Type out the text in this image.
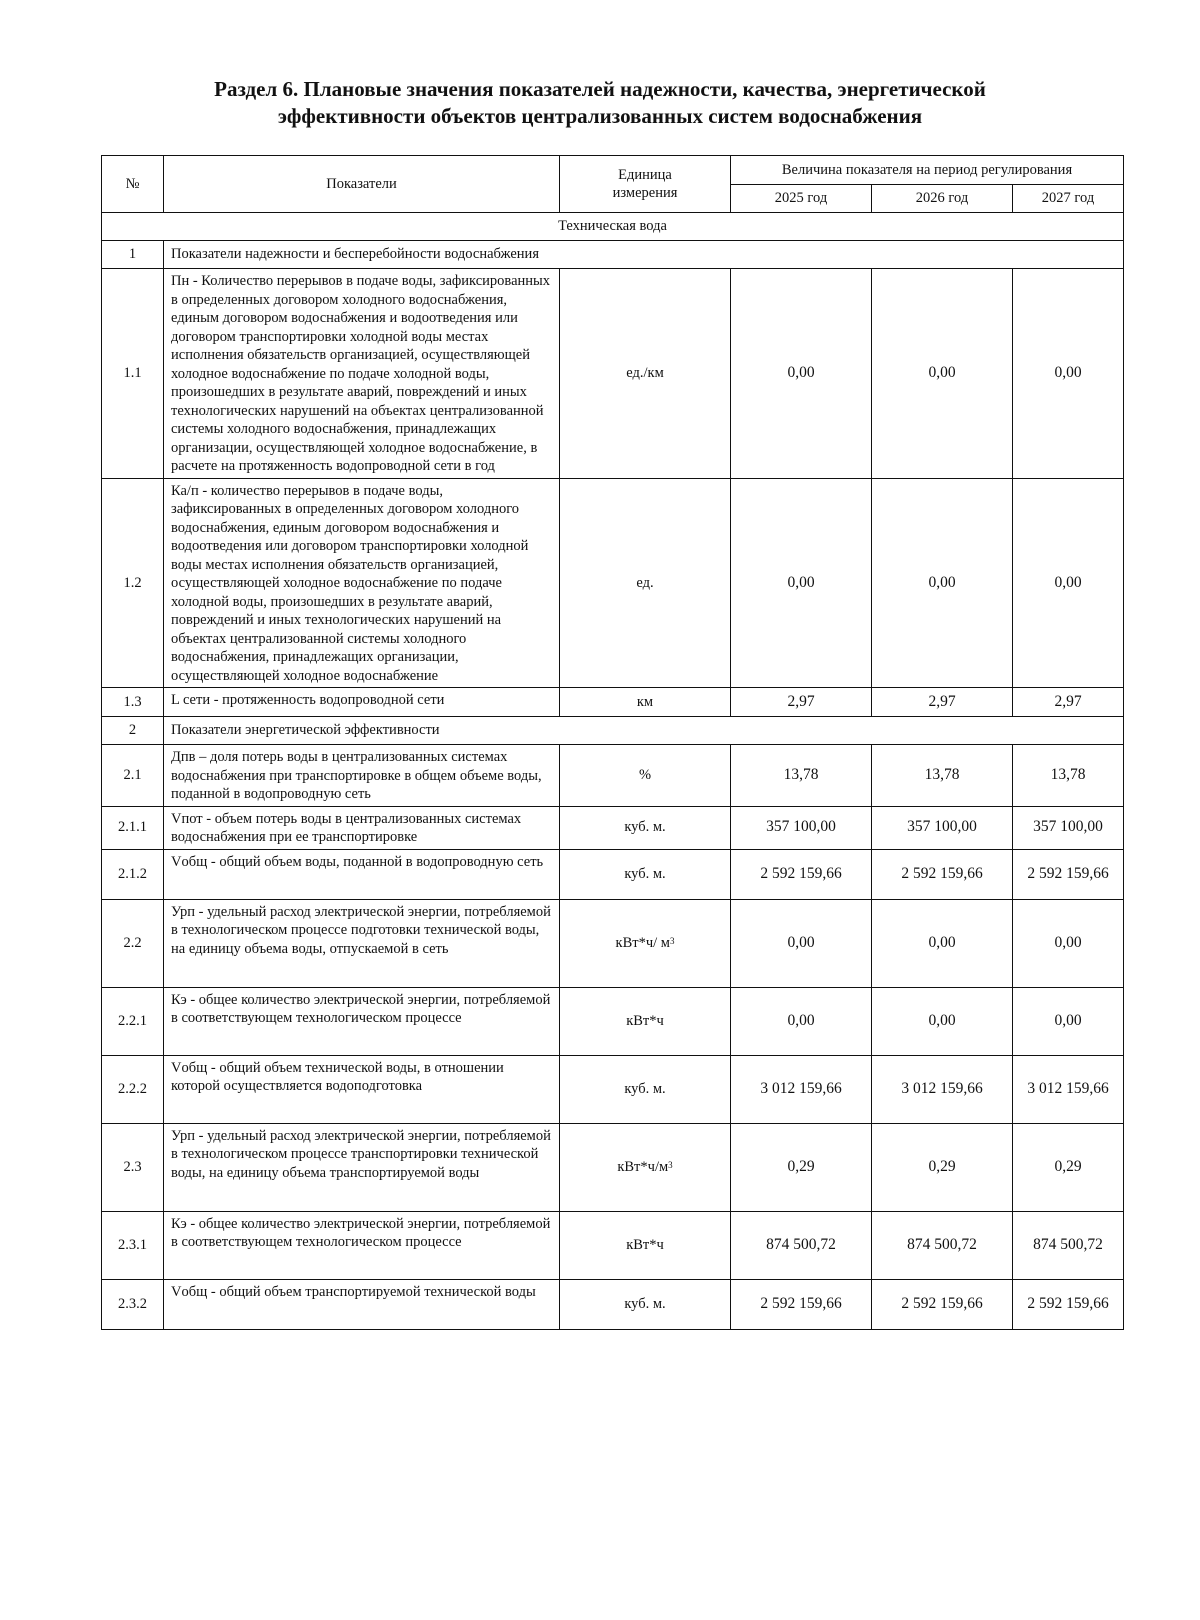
Раздел 6. Плановые значения показателей надежности, качества, энергетической
эффективности объектов централизованных систем водоснабжения
№	Показатели	Единица
измерения	Величина показателя на период регулирования		
			2025 год	2026 год	2027 год
Техническая вода					
1	Показатели надежности и бесперебойности водоснабжения				
1.1	Пн - Количество перерывов в подаче воды, зафиксированных в определенных договором холодного водоснабжения, единым договором водоснабжения и водоотведения или договором транспортировки холодной воды местах исполнения обязательств организацией, осуществляющей холодное водоснабжение по подаче холодной воды, произошедших в результате аварий, повреждений и иных технологических нарушений на объектах централизованной системы холодного водоснабжения, принадлежащих организации, осуществляющей холодное водоснабжение, в расчете на протяженность водопроводной сети в год	ед./км	0,00	0,00	0,00
1.2	Ка/п - количество перерывов в подаче воды, зафиксированных в определенных договором холодного водоснабжения, единым договором водоснабжения и водоотведения или договором транспортировки холодной воды местах исполнения обязательств организацией, осуществляющей холодное водоснабжение по подаче холодной воды, произошедших в результате аварий, повреждений и иных технологических нарушений на объектах централизованной системы холодного водоснабжения, принадлежащих организации, осуществляющей холодное водоснабжение	ед.	0,00	0,00	0,00
1.3	L сети - протяженность водопроводной сети	км	2,97	2,97	2,97
2	Показатели энергетической эффективности				
2.1	Дпв – доля потерь воды в централизованных системах водоснабжения при транспортировке в общем объеме воды, поданной в водопроводную сеть	%	13,78	13,78	13,78
2.1.1	Vпот - объем потерь воды в централизованных системах водоснабжения при ее транспортировке	куб. м.	357 100,00	357 100,00	357 100,00
2.1.2	Vобщ - общий объем воды, поданной в водопроводную сеть	куб. м.	2 592 159,66	2 592 159,66	2 592 159,66
2.2	Урп - удельный расход электрической энергии, потребляемой в технологическом процессе подготовки технической воды, на единицу объема воды, отпускаемой в сеть	кВт*ч/ $м^3$	0,00	0,00	0,00
2.2.1	Кэ - общее количество электрической энергии, потребляемой в соответствующем технологическом процессе	кВт*ч	0,00	0,00	0,00
2.2.2	Vобщ - общий объем технической воды, в отношении которой осуществляется водоподготовка	куб. м.	3 012 159,66	3 012 159,66	3 012 159,66
2.3	Урп - удельный расход электрической энергии, потребляемой в технологическом процессе транспортировки технической воды, на единицу объема транспортируемой воды	$кВт*ч/м^3$	0,29	0,29	0,29
2.3.1	Кэ - общее количество электрической энергии, потребляемой в соответствующем технологическом процессе	кВт*ч	874 500,72	874 500,72	874 500,72
2.3.2	Vобщ - общий объем транспортируемой технической воды	куб. м.	2 592 159,66	2 592 159,66	2 592 159,66
